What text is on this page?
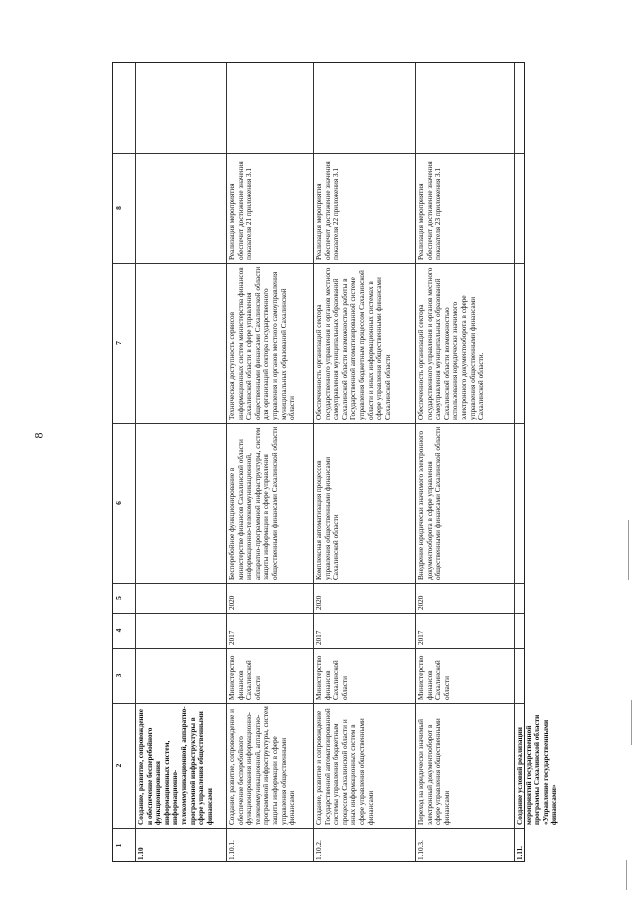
8
1
2
3
4
5
6
7
8
1.10
Создание, развитие, сопровождение и обеспечение бесперебойного функционирования информационных систем, информационно-телекоммуникационной, аппаратно-программной инфраструктуры в сфере управления общественными финансами
1.10.1.
Создание, развитие, сопровождение и обеспечение бесперебойного функционирования информационно-телекоммуникационной, аппаратно-программной инфраструктуры, систем защиты информации в сфере управления общественными финансами
Министерство финансов Сахалинской области
2017
2020
Бесперебойное функционирование в министерстве финансов Сахалинской области информационно-телекоммуникационной, аппаратно-программной инфраструктуры, систем защиты информации в сфере управления общественными финансами Сахалинской области
Техническая доступность сервисов информационных систем министерства финансов Сахалинской области в сфере управления общественными финансами Сахалинской области для организаций сектора государственного управления и органов местного самоуправления муниципальных образований Сахалинской области
Реализация мероприятия обеспечит достижение значения показателя 21 приложения 3.1
1.10.2.
Создание, развитие и сопровождение Государственной автоматизированной системы управления бюджетным процессом Сахалинской области и иных информационных систем в сфере управления общественными финансами
Министерство финансов Сахалинской области
2017
2020
Комплексная автоматизация процессов управления общественными финансами Сахалинской области
Обеспеченность организаций сектора государственного управления и органов местного самоуправления муниципальных образований Сахалинской области возможностью работы в Государственной автоматизированной системе управления бюджетным процессом Сахалинской области и иных информационных системах в сфере управления общественными финансами Сахалинской области
Реализация мероприятия обеспечит достижение значения показателя 22 приложения 3.1
1.10.3.
Переход на юридически значимый электронный документооборот в сфере управления общественными финансами
Министерство финансов Сахалинской области
2017
2020
Внедрение юридически значимого электронного документооборота в сфере управления общественными финансами Сахалинской области
Обеспеченность организаций сектора государственного управления и органов местного самоуправления муниципальных образований Сахалинской области возможностью использования юридически значимого электронного документооборота в сфере управления общественными финансами Сахалинской области.
Реализация мероприятия обеспечит достижение значения показателя 23 приложения 3.1
1.11.
Создание условий реализации мероприятий государственной программы Сахалинской области «Управление государственными финансами»
